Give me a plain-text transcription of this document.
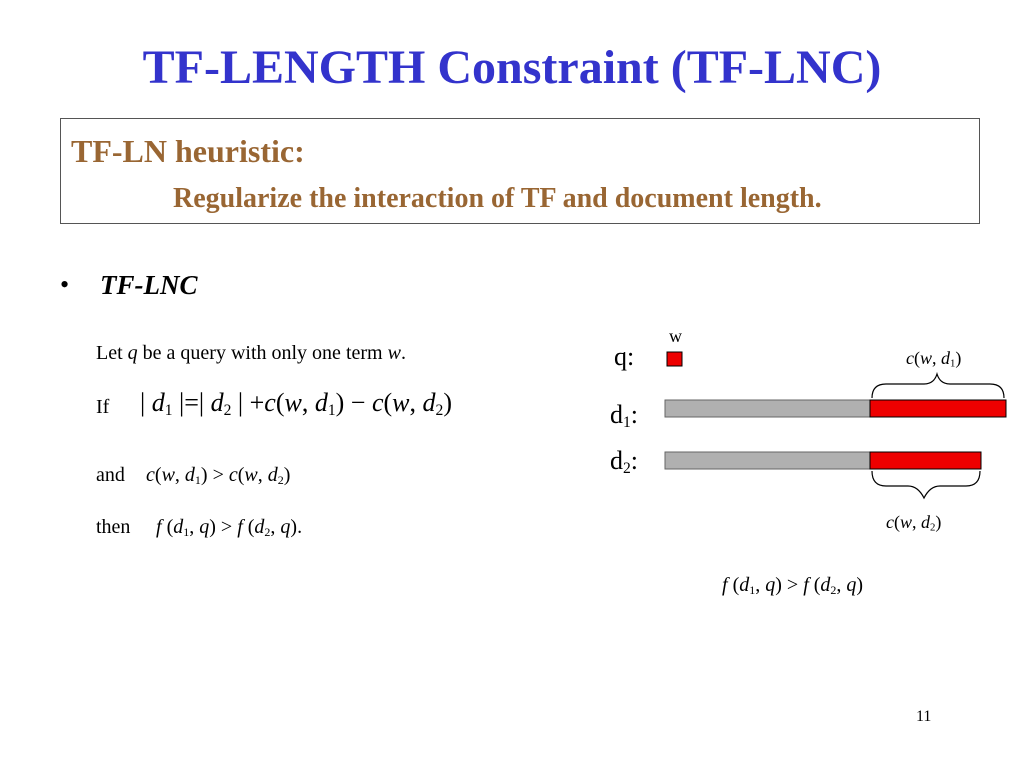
TF-LENGTH Constraint (TF-LNC)
TF-LN heuristic:
Regularize the interaction of TF and document length.
• TF-LNC
Let q be a query with only one term w.
If | $d_1$ |=| $d_2$ | +c(w, $d_1) - c(w$, $d_2$)
and c(w, $d_1) > c(w$, $d_2$)
then f ($d_1$, q) > f ($d_2$, q).
q:
w
$d_1$:
$d_2$:
c(w, $d_1$)
c(w, $d_2$)
f ($d_1$, q) > f ($d_2$, q)
11
